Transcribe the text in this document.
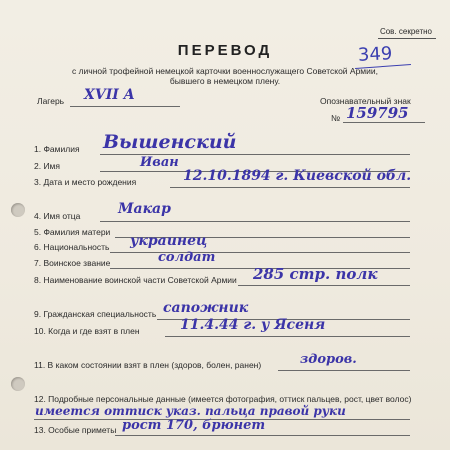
Сов. секретно
349
ПЕРЕВОД
с личной трофейной немецкой карточки военнослужащего Советской Армии,
бывшего в немецком плену.
Лагерь XVII A	Опознавательный знак
№ 159795
1. Фамилия Вышенский
2. Имя	Иван
3. Дата и место рождения	12.10.1894 г. Киевской обл.
4. Имя отца	Макар
5. Фамилия матери
6. Национальность украинец
7. Воинское звание	солдат
8. Наименование воинской части Советской Армии 285 стр. полк
9. Гражданская специальность сапожник
10. Когда и где взят в плен	11.4.44 г. у Ясеня
11. В каком состоянии взят в плен (здоров, болен, ранен)	здоров.
12. Подробные персональные данные (имеется фотография, оттиск пальцев, рост, цвет волос)
имеется оттиск указ. пальца правой руки
13. Особые приметы рост 170, брюнет
